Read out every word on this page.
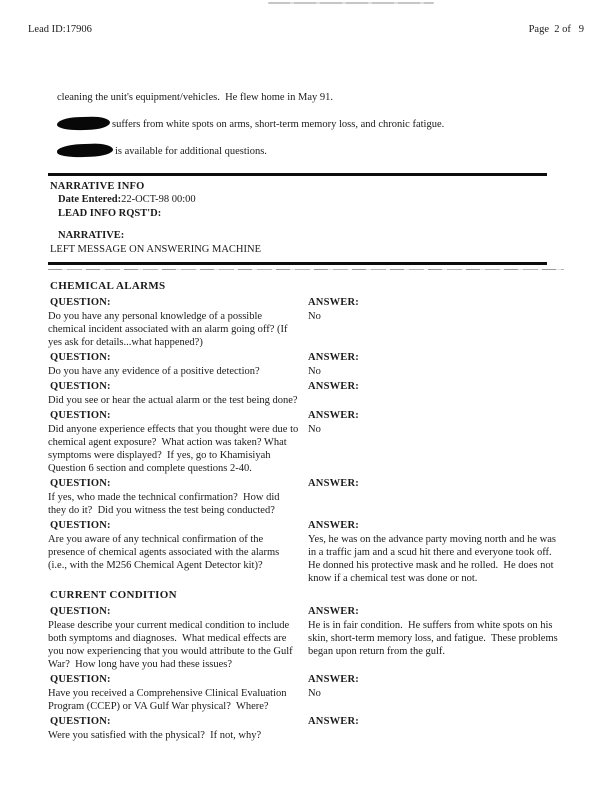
Lead ID:17906	Page  2 of   9

cleaning the unit's equipment/vehicles.  He flew home in May 91.

suffers from white spots on arms, short-term memory loss, and chronic fatigue.

is available for additional questions.

NARRATIVE INFO
Date Entered:22-OCT-98 00:00
LEAD INFO RQST'D:
NARRATIVE:
LEFT MESSAGE ON ANSWERING MACHINE
CHEMICAL ALARMS
QUESTION:
Do you have any personal knowledge of a possible chemical incident associated with an alarm going off? (If yes ask for details...what happened?)
ANSWER:
No
QUESTION:
Do you have any evidence of a positive detection?
ANSWER:
No
QUESTION:
Did you see or hear the actual alarm or the test being done?
ANSWER:
QUESTION:
Did anyone experience effects that you thought were due to chemical agent exposure?  What action was taken? What symptoms were displayed?  If yes, go to Khamisiyah Question 6 section and complete questions 2-40.
ANSWER:
No
QUESTION:
If yes, who made the technical confirmation?  How did they do it?  Did you witness the test being conducted?
ANSWER:
QUESTION:
Are you aware of any technical confirmation of the presence of chemical agents associated with the alarms (i.e., with the M256 Chemical Agent Detector kit)?
ANSWER:
Yes, he was on the advance party moving north and he was in a traffic jam and a scud hit there and everyone took off. He donned his protective mask and he rolled.  He does not know if a chemical test was done or not.
CURRENT CONDITION
QUESTION:
Please describe your current medical condition to include both symptoms and diagnoses.  What medical effects are you now experiencing that you would attribute to the Gulf War?  How long have you had these issues?
ANSWER:
He is in fair condition.  He suffers from white spots on his skin, short-term memory loss, and fatigue.  These problems began upon return from the gulf.
QUESTION:
Have you received a Comprehensive Clinical Evaluation Program (CCEP) or VA Gulf War physical?  Where?
ANSWER:
No
QUESTION:
Were you satisfied with the physical?  If not, why?
ANSWER:
